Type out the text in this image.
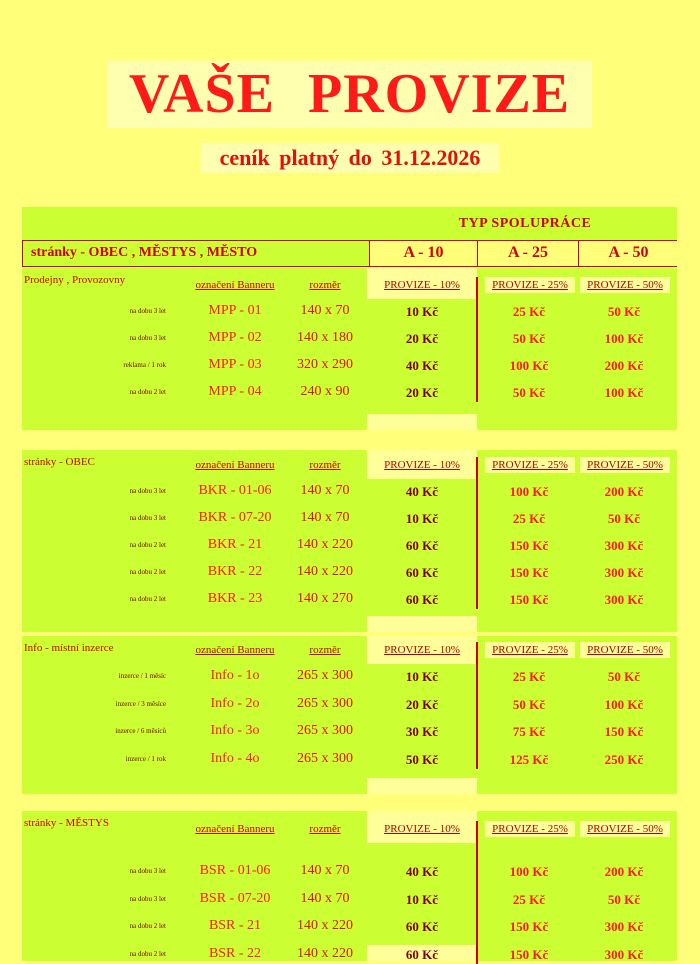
VAŠE PROVIZE
ceník platný do 31.12.2026
TYP SPOLUPRÁCE
stránky - OBEC , MĚSTYS , MĚSTO	A - 10	A - 25	A - 50
Prodejny , Provozovny	označení Banneru	rozměr	PROVIZE - 10%	PROVIZE - 25%	PROVIZE - 50%
na dobu 3 let	MPP - 01	140 x 70	10 Kč	25 Kč	50 Kč
na dobu 3 let	MPP - 02	140 x 180	20 Kč	50 Kč	100 Kč
reklama / 1 rok	MPP - 03	320 x 290	40 Kč	100 Kč	200 Kč
na dobu 2 let	MPP - 04	240 x 90	20 Kč	50 Kč	100 Kč
stránky - OBEC	označení Banneru	rozměr	PROVIZE - 10%	PROVIZE - 25%	PROVIZE - 50%
na dobu 3 let	BKR - 01-06	140 x 70	40 Kč	100 Kč	200 Kč
na dobu 3 let	BKR - 07-20	140 x 70	10 Kč	25 Kč	50 Kč
na dobu 2 let	BKR - 21	140 x 220	60 Kč	150 Kč	300 Kč
na dobu 2 let	BKR - 22	140 x 220	60 Kč	150 Kč	300 Kč
na dobu 2 let	BKR - 23	140 x 270	60 Kč	150 Kč	300 Kč
Info - místní inzerce	označení Banneru	rozměr	PROVIZE - 10%	PROVIZE - 25%	PROVIZE - 50%
inzerce / 1 měsíc	Info - 1o	265 x 300	10 Kč	25 Kč	50 Kč
inzerce / 3 měsíce	Info - 2o	265 x 300	20 Kč	50 Kč	100 Kč
inzerce / 6 měsíců	Info - 3o	265 x 300	30 Kč	75 Kč	150 Kč
inzerce / 1 rok	Info - 4o	265 x 300	50 Kč	125 Kč	250 Kč
stránky - MĚSTYS	označení Banneru	rozměr	PROVIZE - 10%	PROVIZE - 25%	PROVIZE - 50%
na dobu 3 let	BSR - 01-06	140 x 70	40 Kč	100 Kč	200 Kč
na dobu 3 let	BSR - 07-20	140 x 70	10 Kč	25 Kč	50 Kč
na dobu 2 let	BSR - 21	140 x 220	60 Kč	150 Kč	300 Kč
na dobu 2 let	BSR - 22	140 x 220	60 Kč	150 Kč	300 Kč
